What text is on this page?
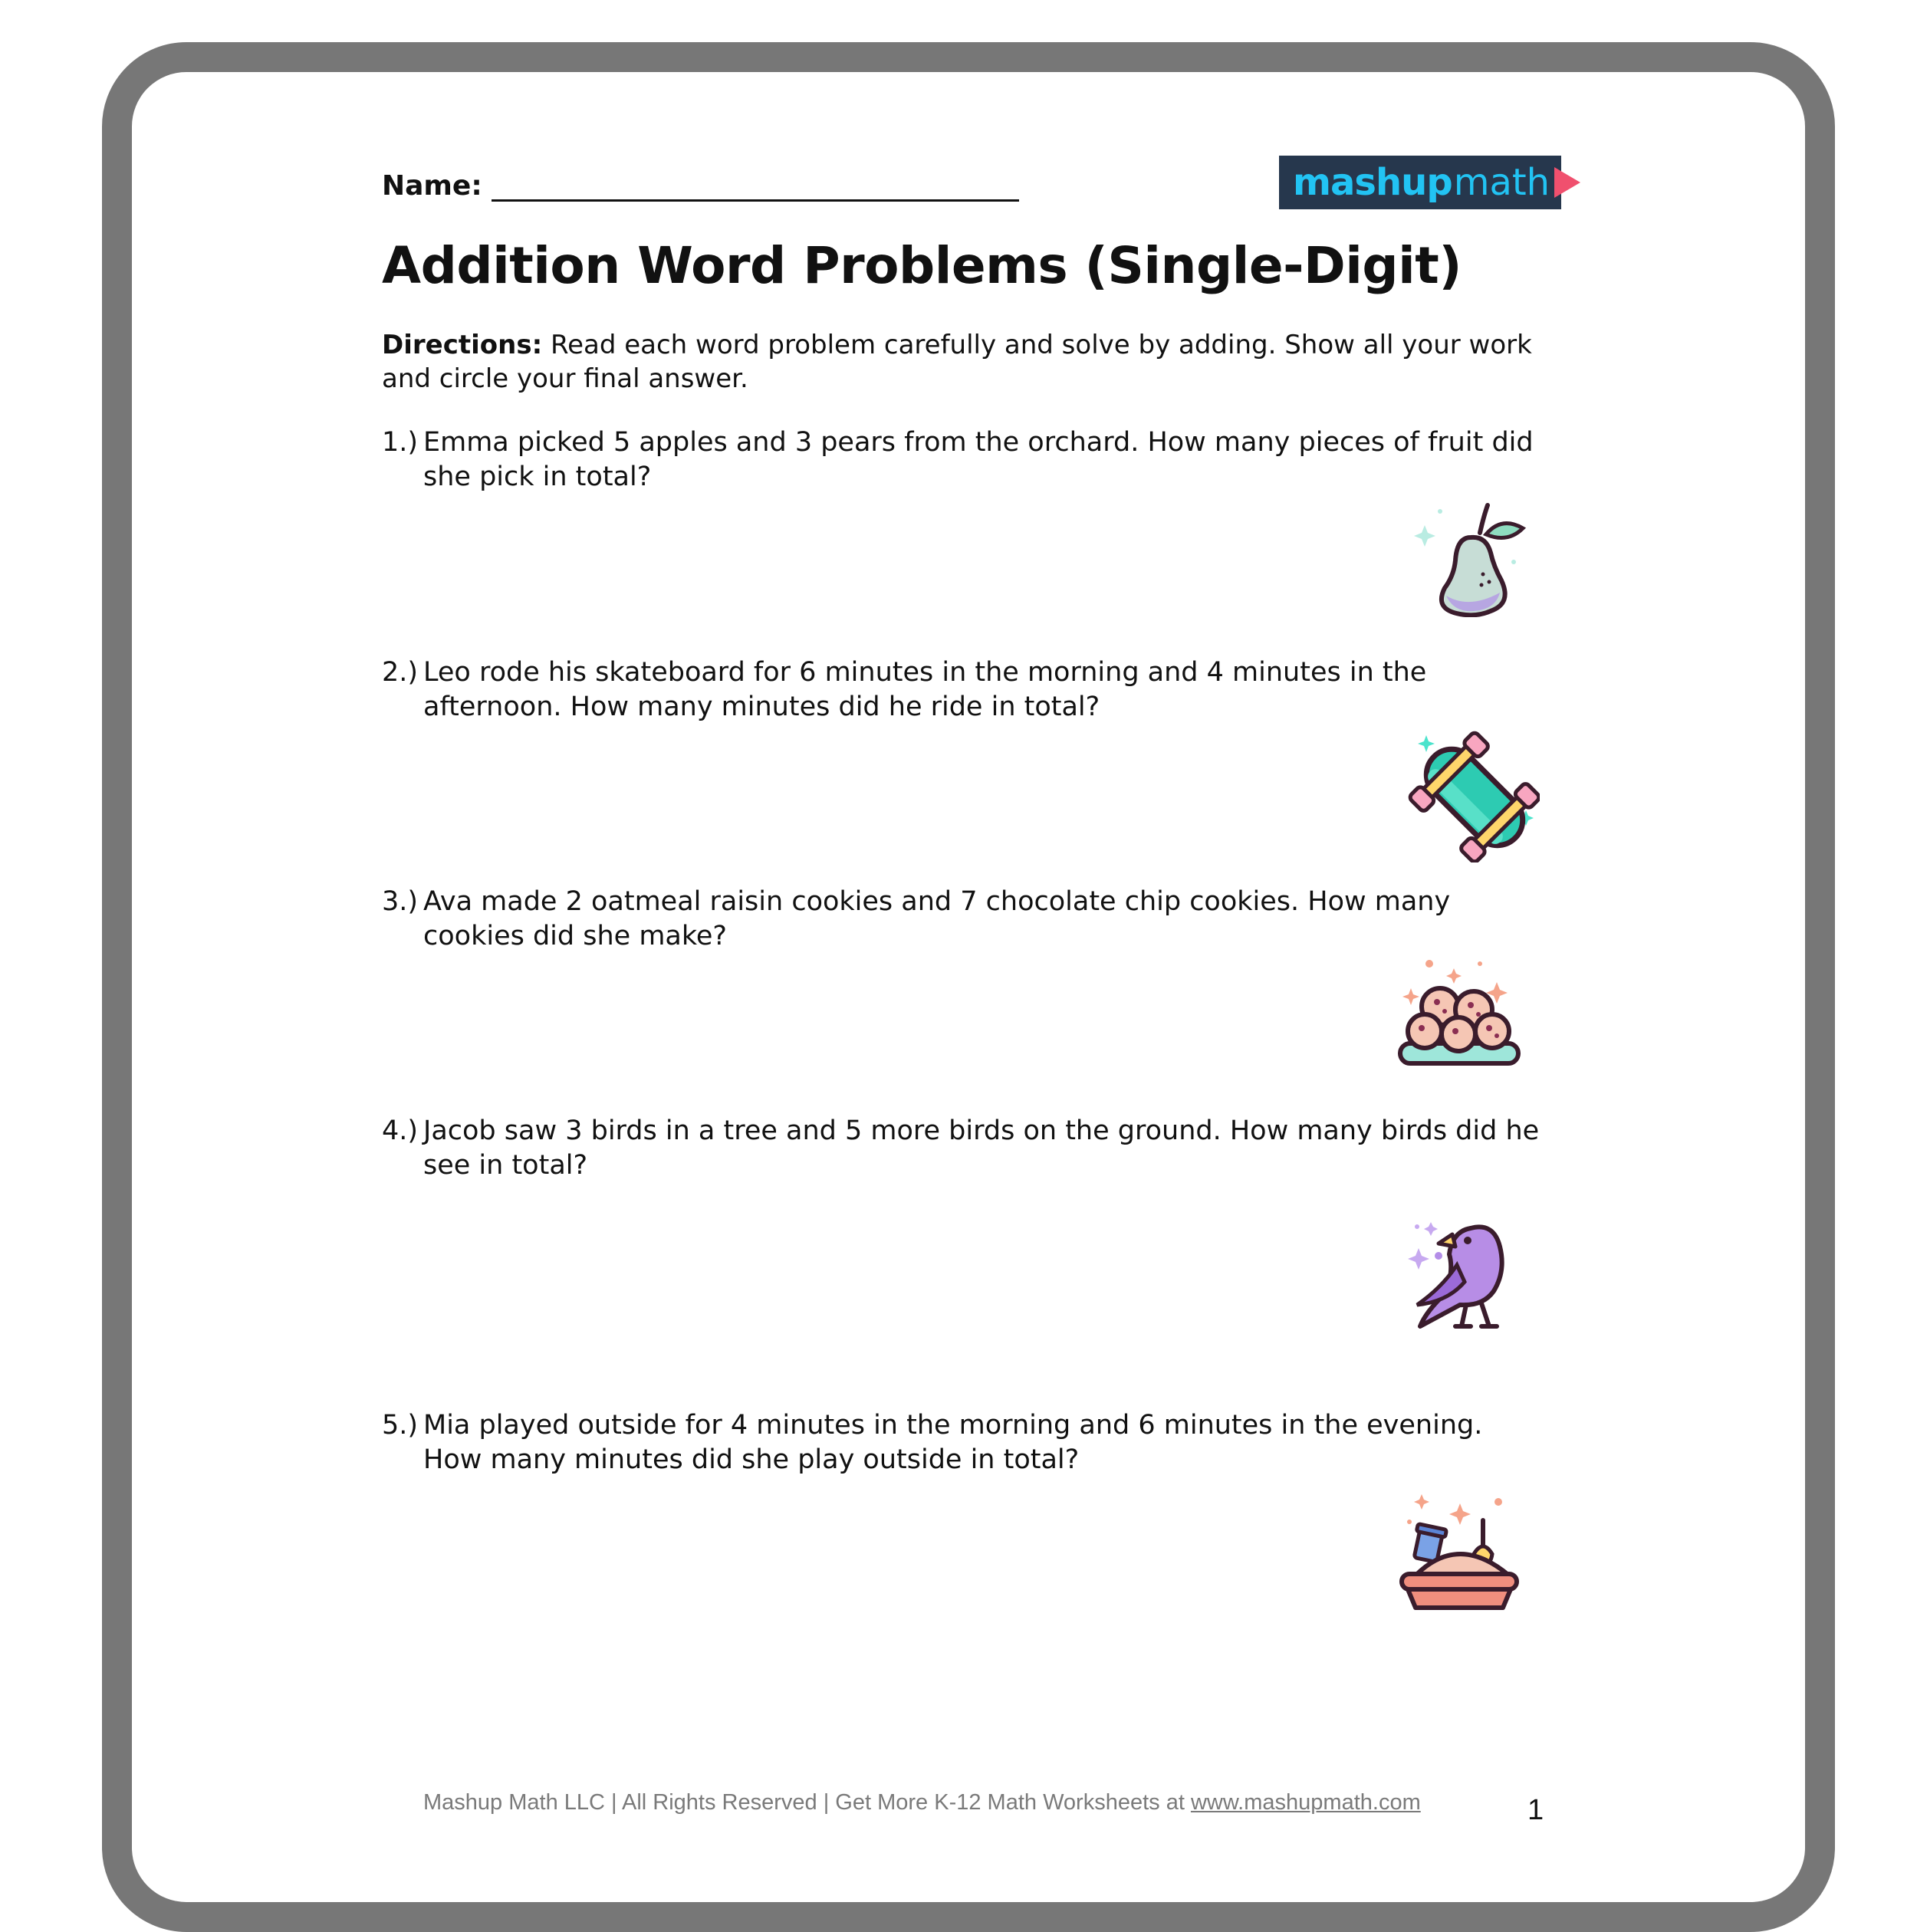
Name:	mashup math
Addition Word Problems (Single-Digit)

Directions: Read each word problem carefully and solve by adding. Show all your work and circle your final answer.

1.) Emma picked 5 apples and 3 pears from the orchard. How many pieces of fruit did she pick in total?
2.) Leo rode his skateboard for 6 minutes in the morning and 4 minutes in the afternoon. How many minutes did he ride in total?
3.) Ava made 2 oatmeal raisin cookies and 7 chocolate chip cookies. How many cookies did she make?
4.) Jacob saw 3 birds in a tree and 5 more birds on the ground. How many birds did he see in total?
5.) Mia played outside for 4 minutes in the morning and 6 minutes in the evening. How many minutes did she play outside in total?
Mashup Math LLC | All Rights Reserved | Get More K-12 Math Worksheets at www.mashupmath.com	1
